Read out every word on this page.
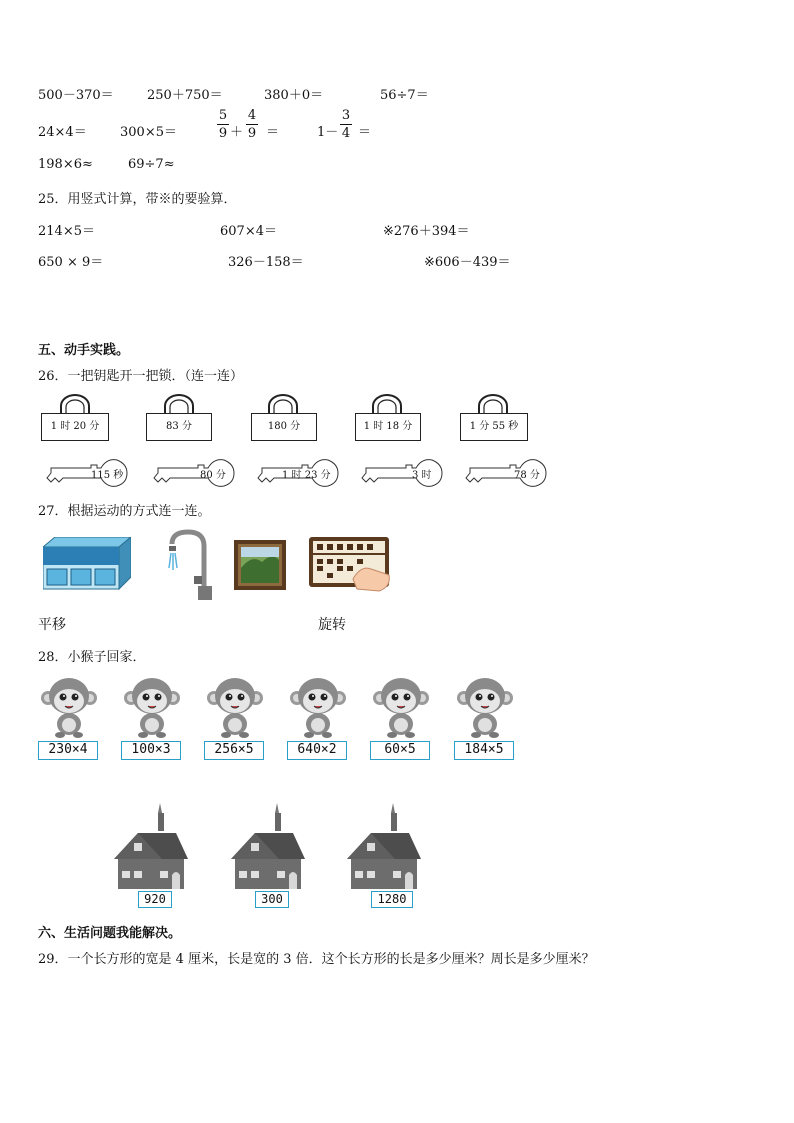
500－370＝	250＋750＝	380＋0＝	56÷7＝
24×4＝	300×5＝
5
9 ＋
4
9 ＝	1－
3
4 ＝
198×6≈	69÷7≈
25．用竖式计算，带※的要验算．
214×5＝	607×4＝	※276＋394＝
650 × 9＝	326－158＝	※606－439＝
五、动手实践。
26．一把钥匙开一把锁．（连一连）
1 时 20 分	83 分	180 分	1 时 18 分	1 分 55 秒
115 秒	80 分	1 时 23 分	3 时	78 分
27．根据运动的方式连一连。
平移	旋转
28．小猴子回家．
230×4	100×3	256×5	640×2	60×5	184×5
920	300	1280
六、生活问题我能解决。
29．一个长方形的宽是 4 厘米，长是宽的 3 倍．这个长方形的长是多少厘米？周长是多少厘米？
